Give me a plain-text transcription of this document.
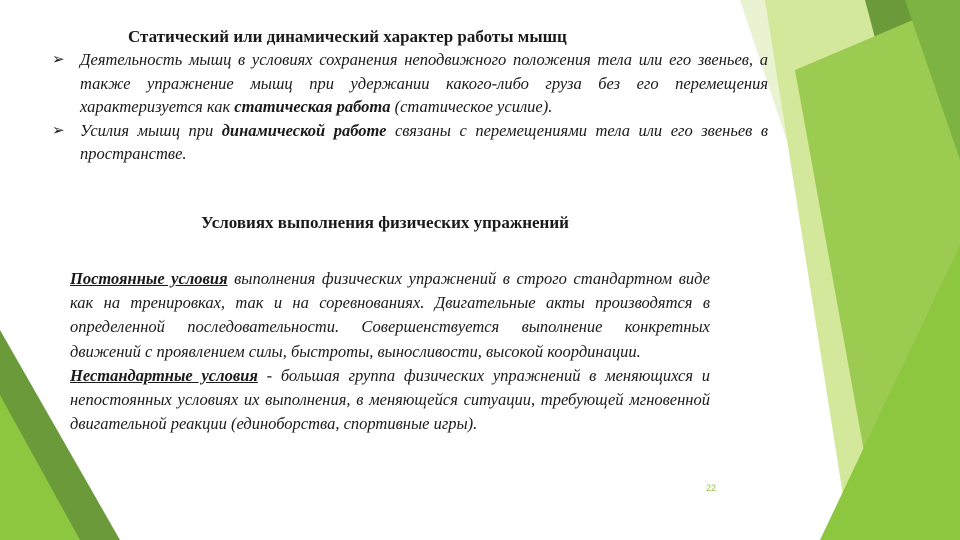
Статический или динамический характер работы мышц
➢ Деятельность мышц в условиях сохранения неподвижного положения тела или его звеньев, а также упражнение мышц при удержании какого-либо груза без его перемещения характеризуется как статическая работа (статическое усилие).
➢ Усилия мышц при динамической работе связаны с перемещениями тела или его звеньев в пространстве.
Условиях выполнения физических упражнений

Постоянные условия выполнения физических упражнений в строго стандартном виде как на тренировках, так и на соревнованиях. Двигательные акты производятся в определенной последовательности. Совершенствуется выполнение конкретных движений с проявлением силы, быстроты, выносливости, высокой координации.
Нестандартные условия - большая группа физических упражнений в меняющихся и непостоянных условиях их выполнения, в меняющейся ситуации, требующей мгновенной двигательной реакции (единоборства, спортивные игры).

22
